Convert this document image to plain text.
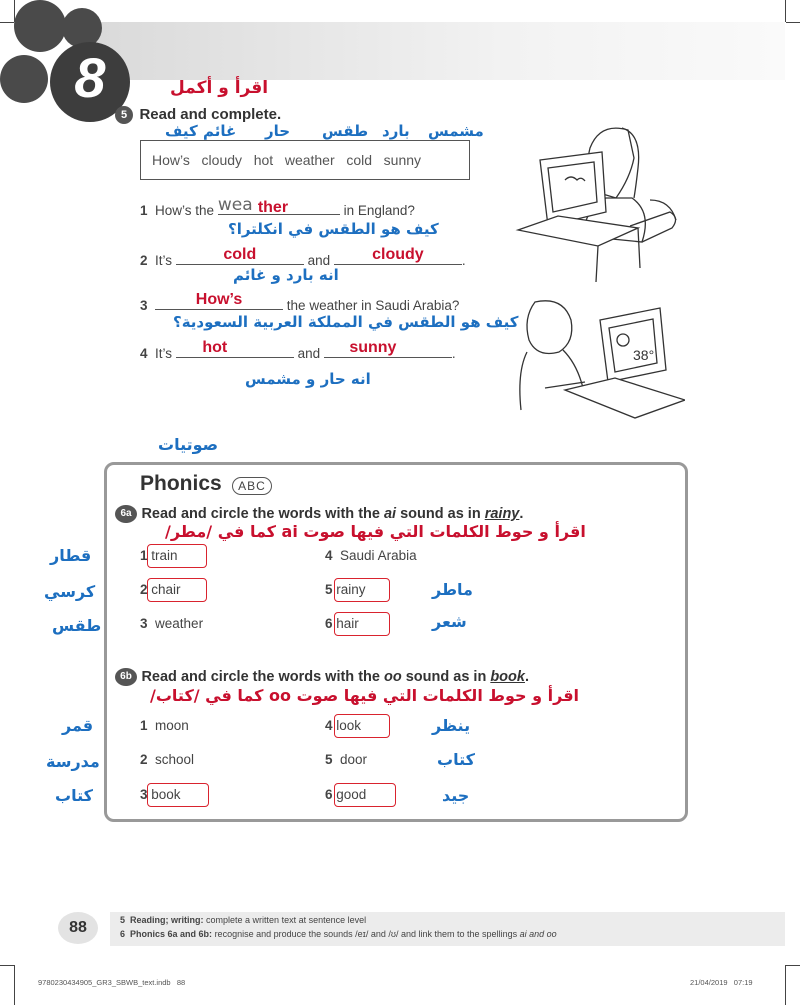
8	اقرأ و أكمل
5 Read and complete.
كيف غائم	حار	طقس بارد	مشمس
How’s cloudy hot weather cold sunny
1 How’s the wea ther	in England?
كيف هو الطقس في انكلترا؟
2 It’s	cold	and	cloudy	.
انه بارد و غائم
3	How’s	the weather in Saudi Arabia?
كيف هو الطقس في المملكة العربية السعودية؟
4 It’s	hot	and	sunny	.
انه حار و مشمس
38°
صوتيات
Phonics ABC
6a Read and circle the words with the ai sound as in rainy.
اقرأ و حوط الكلمات التي فيها صوت ai كما في /مطر/
1 train
2 chair
3 weather
4 Saudi Arabia
5 rainy
6 hair
قطار
كرسي
طقس
ماطر
شعر
6b Read and circle the words with the oo sound as in book.
اقرأ و حوط الكلمات التي فيها صوت oo كما في /كتاب/
1 moon
2 school
3 book
4 look
5 door
6 good
قمر
مدرسة
كتاب
ينظر
كتاب
جيد
88	5 Reading; writing: complete a written text at sentence level
6 Phonics 6a and 6b: recognise and produce the sounds /eɪ/ and /ʊ/ and link them to the spellings ai and oo
9780230434905_GR3_SBWB_text.indb   88	21/04/2019   07:19
